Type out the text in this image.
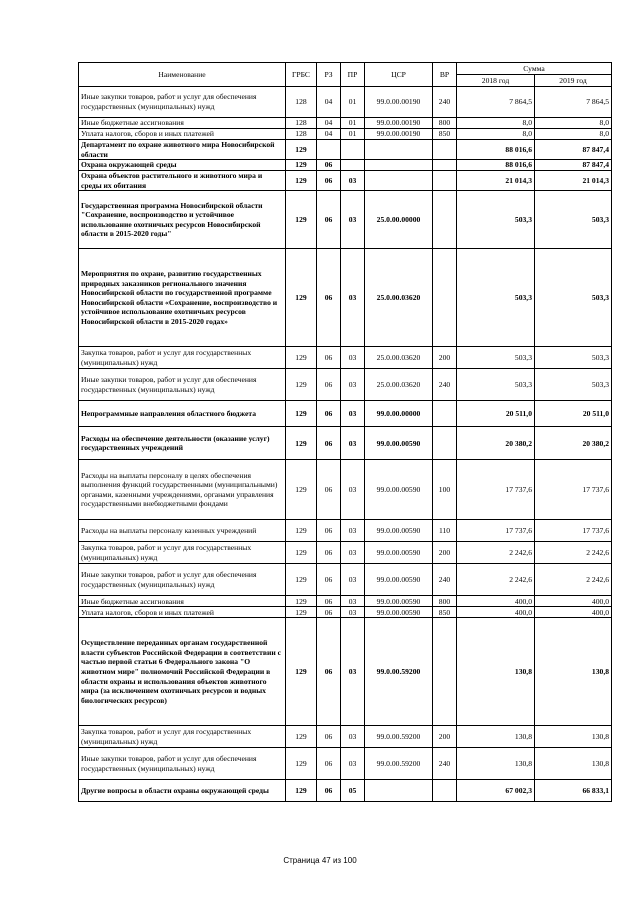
Наименование	ГРБС	РЗ	ПР	ЦСР	ВР	Сумма	
						2018 год	2019 год
Иные закупки товаров, работ и услуг для обеспечения государственных (муниципальных) нужд	128	04	01	99.0.00.00190	240	7 864,5	7 864,5
Иные бюджетные ассигнования	128	04	01	99.0.00.00190	800	8,0	8,0
Уплата налогов, сборов и иных платежей	128	04	01	99.0.00.00190	850	8,0	8,0
Департамент по охране животного мира Новосибирской области	129					88 016,6	87 847,4
Охрана окружающей среды	129	06				88 016,6	87 847,4
Охрана объектов растительного и животного мира и среды их обитания	129	06	03			21 014,3	21 014,3
Государственная программа Новосибирской области "Сохранение, воспроизводство и устойчивое использование охотничьих ресурсов Новосибирской области в 2015-2020 годы"	129	06	03	25.0.00.00000		503,3	503,3
Мероприятия по охране, развитию государственных природных заказников регионального значения Новосибирской области по государственной программе Новосибирской области «Сохранение, воспроизводство и устойчивое использование охотничьих ресурсов Новосибирской области в 2015-2020 годах»	129	06	03	25.0.00.03620		503,3	503,3
Закупка товаров, работ и услуг для государственных (муниципальных) нужд	129	06	03	25.0.00.03620	200	503,3	503,3
Иные закупки товаров, работ и услуг для обеспечения государственных (муниципальных) нужд	129	06	03	25.0.00.03620	240	503,3	503,3
Непрограммные направления областного бюджета	129	06	03	99.0.00.00000		20 511,0	20 511,0
Расходы на обеспечение деятельности (оказание услуг) государственных учреждений	129	06	03	99.0.00.00590		20 380,2	20 380,2
Расходы на выплаты персоналу в целях обеспечения выполнения функций государственными (муниципальными) органами, казенными учреждениями, органами управления государственными внебюджетными фондами	129	06	03	99.0.00.00590	100	17 737,6	17 737,6
Расходы на выплаты персоналу казенных учреждений	129	06	03	99.0.00.00590	110	17 737,6	17 737,6
Закупка товаров, работ и услуг для государственных (муниципальных) нужд	129	06	03	99.0.00.00590	200	2 242,6	2 242,6
Иные закупки товаров, работ и услуг для обеспечения государственных (муниципальных) нужд	129	06	03	99.0.00.00590	240	2 242,6	2 242,6
Иные бюджетные ассигнования	129	06	03	99.0.00.00590	800	400,0	400,0
Уплата налогов, сборов и иных платежей	129	06	03	99.0.00.00590	850	400,0	400,0
Осуществление переданных органам государственной власти субъектов Российской Федерации в соответствии с частью первой статьи 6 Федерального закона "О животном мире" полномочий Российской Федерации в области охраны и использования объектов животного мира (за исключением охотничьих ресурсов и водных биологических ресурсов)	129	06	03	99.0.00.59200		130,8	130,8
Закупка товаров, работ и услуг для государственных (муниципальных) нужд	129	06	03	99.0.00.59200	200	130,8	130,8
Иные закупки товаров, работ и услуг для обеспечения государственных (муниципальных) нужд	129	06	03	99.0.00.59200	240	130,8	130,8
Другие вопросы в области охраны окружающей среды	129	06	05			67 002,3	66 833,1
Страница 47 из 100
